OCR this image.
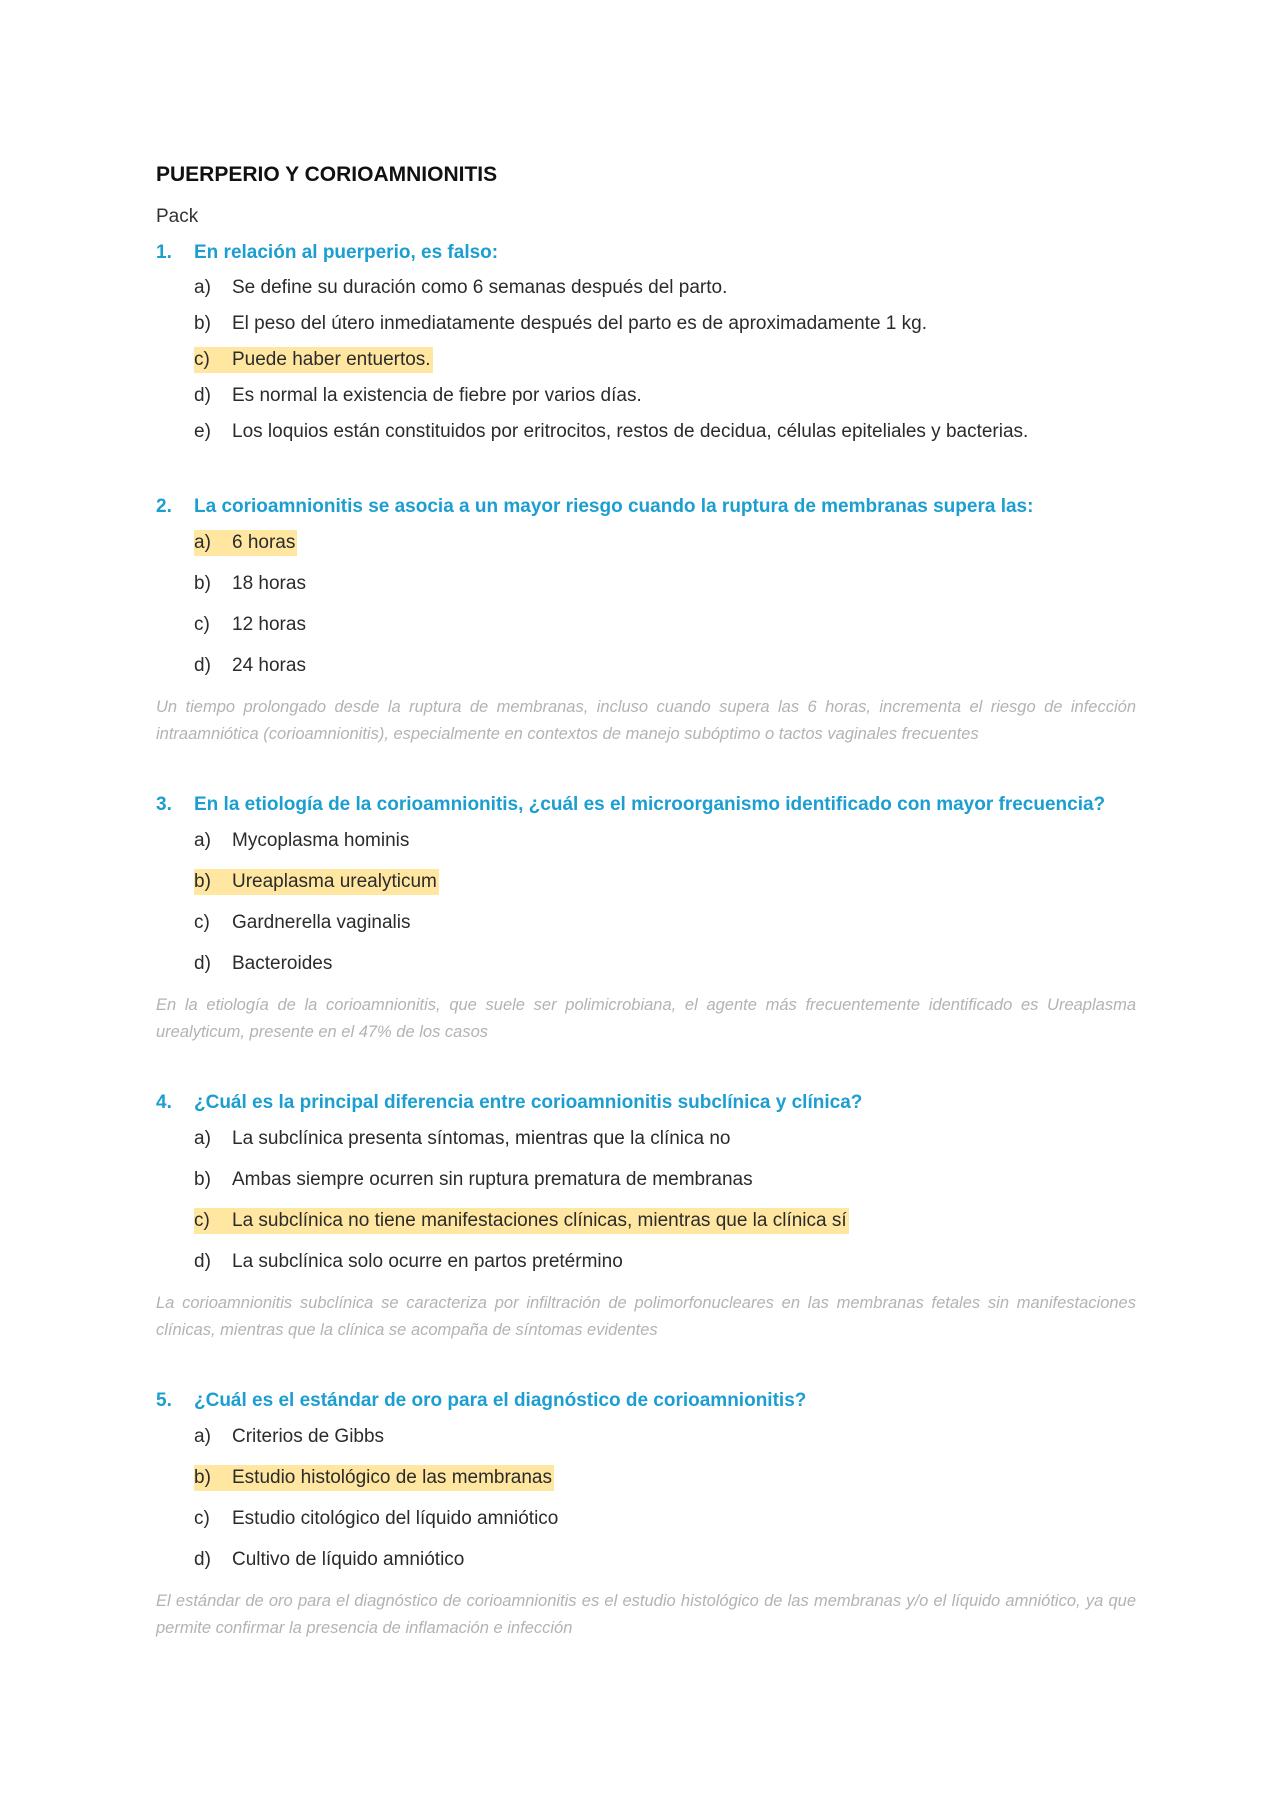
PUERPERIO Y CORIOAMNIONITIS
Pack
1.	En relación al puerperio, es falso:
a)	Se define su duración como 6 semanas después del parto.
b)	El peso del útero inmediatamente después del parto es de aproximadamente 1 kg.
c)	Puede haber entuertos.
d)	Es normal la existencia de fiebre por varios días.
e)	Los loquios están constituidos por eritrocitos, restos de decidua, células epiteliales y bacterias.
2.	La corioamnionitis se asocia a un mayor riesgo cuando la ruptura de membranas supera las:
a)	6 horas
b)	18 horas
c)	12 horas
d)	24 horas

Un tiempo prolongado desde la ruptura de membranas, incluso cuando supera las 6 horas, incrementa el riesgo de infección intraamniótica (corioamnionitis), especialmente en contextos de manejo subóptimo o tactos vaginales frecuentes

3.	En la etiología de la corioamnionitis, ¿cuál es el microorganismo identificado con mayor frecuencia?
a)	Mycoplasma hominis
b)	Ureaplasma urealyticum
c)	Gardnerella vaginalis
d)	Bacteroides

En la etiología de la corioamnionitis, que suele ser polimicrobiana, el agente más frecuentemente identificado es Ureaplasma urealyticum, presente en el 47% de los casos

4.	¿Cuál es la principal diferencia entre corioamnionitis subclínica y clínica?
a)	La subclínica presenta síntomas, mientras que la clínica no
b)	Ambas siempre ocurren sin ruptura prematura de membranas
c)	La subclínica no tiene manifestaciones clínicas, mientras que la clínica sí
d)	La subclínica solo ocurre en partos pretérmino

La corioamnionitis subclínica se caracteriza por infiltración de polimorfonucleares en las membranas fetales sin manifestaciones clínicas, mientras que la clínica se acompaña de síntomas evidentes

5.	¿Cuál es el estándar de oro para el diagnóstico de corioamnionitis?
a)	Criterios de Gibbs
b)	Estudio histológico de las membranas
c)	Estudio citológico del líquido amniótico
d)	Cultivo de líquido amniótico

El estándar de oro para el diagnóstico de corioamnionitis es el estudio histológico de las membranas y/o el líquido amniótico, ya que permite confirmar la presencia de inflamación e infección
